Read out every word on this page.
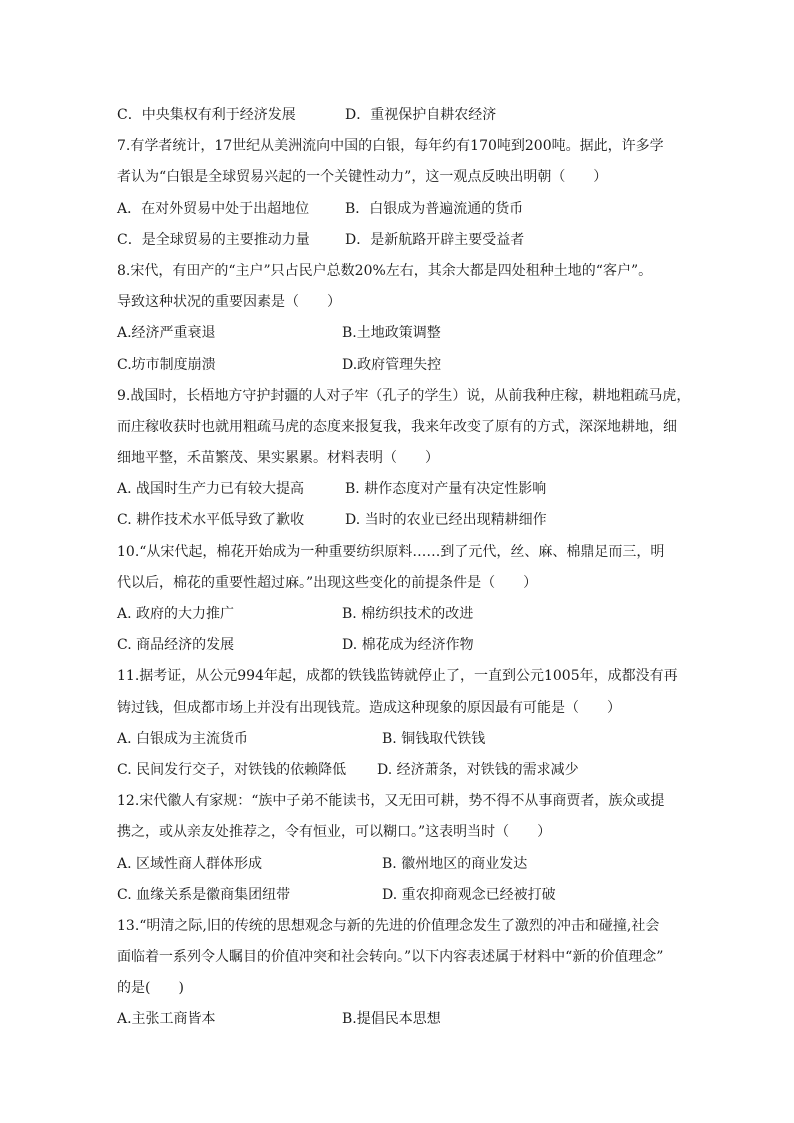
C．中央集权有利于经济发展	D．重视保护自耕农经济
7.有学者统计，17世纪从美洲流向中国的白银，每年约有170吨到200吨。据此，许多学
者认为“白银是全球贸易兴起的一个关键性动力”，这一观点反映出明朝（　　）
A．在对外贸易中处于出超地位	B．白银成为普遍流通的货币
C．是全球贸易的主要推动力量	D．是新航路开辟主要受益者
8.宋代，有田产的“主户”只占民户总数20%左右，其余大都是四处租种土地的“客户”。
导致这种状况的重要因素是（　　）
A.经济严重衰退	B.土地政策调整
C.坊市制度崩溃	D.政府管理失控
9.战国时，长梧地方守护封疆的人对子牢（孔子的学生）说，从前我种庄稼，耕地粗疏马虎，
而庄稼收获时也就用粗疏马虎的态度来报复我，我来年改变了原有的方式，深深地耕地，细
细地平整，禾苗繁茂、果实累累。材料表明（　　）
A. 战国时生产力已有较大提高	B. 耕作态度对产量有决定性影响
C. 耕作技术水平低导致了歉收	D. 当时的农业已经出现精耕细作
10.“从宋代起，棉花开始成为一种重要纺织原料……到了元代，丝、麻、棉鼎足而三，明
代以后，棉花的重要性超过麻。”出现这些变化的前提条件是（　　）
A. 政府的大力推广	B. 棉纺织技术的改进
C. 商品经济的发展	D. 棉花成为经济作物
11.据考证，从公元994年起，成都的铁钱监铸就停止了，一直到公元1005年，成都没有再
铸过钱，但成都市场上并没有出现钱荒。造成这种现象的原因最有可能是（　　）
A. 白银成为主流货币	B. 铜钱取代铁钱
C. 民间发行交子，对铁钱的依赖降低 D. 经济萧条，对铁钱的需求减少
12.宋代徽人有家规：“族中子弟不能读书，又无田可耕，势不得不从事商贾者，族众或提
携之，或从亲友处推荐之，令有恒业，可以糊口。”这表明当时（　　）
A. 区域性商人群体形成	B. 徽州地区的商业发达
C. 血缘关系是徽商集团纽带	D. 重农抑商观念已经被打破
13.“明清之际,旧的传统的思想观念与新的先进的价值理念发生了激烈的冲击和碰撞,社会
面临着一系列令人瞩目的价值冲突和社会转向。”以下内容表述属于材料中“新的价值理念”
的是(　　)
A.主张工商皆本	B.提倡民本思想
